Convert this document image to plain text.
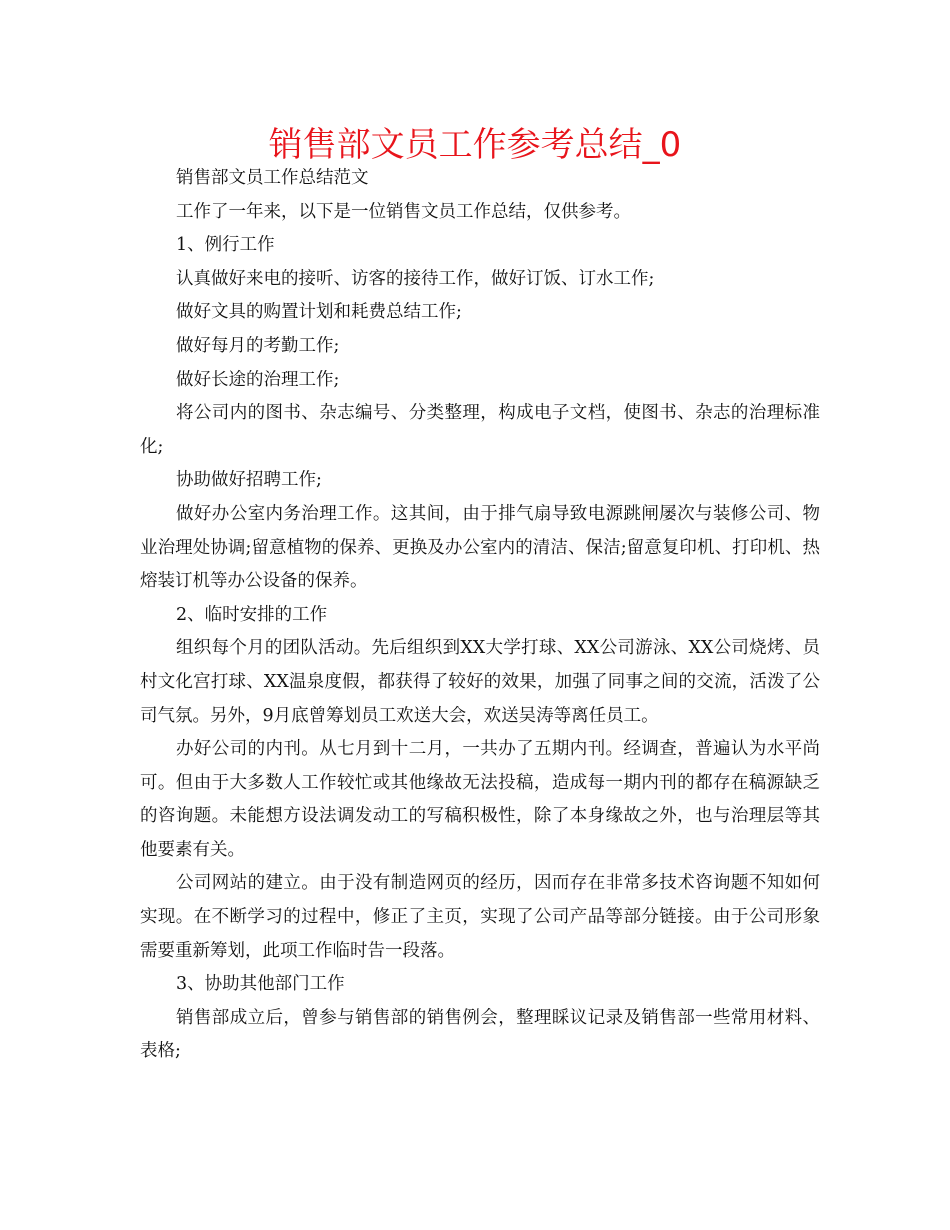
销售部文员工作参考总结_0

销售部文员工作总结范文

工作了一年来，以下是一位销售文员工作总结，仅供参考。

1、例行工作

认真做好来电的接听、访客的接待工作，做好订饭、订水工作;

做好文具的购置计划和耗费总结工作;

做好每月的考勤工作;

做好长途的治理工作;

将公司内的图书、杂志编号、分类整理，构成电子文档，使图书、杂志的治理标准化;

协助做好招聘工作;

做好办公室内务治理工作。这其间，由于排气扇导致电源跳闸屡次与装修公司、物业治理处协调;留意植物的保养、更换及办公室内的清洁、保洁;留意复印机、打印机、热熔装订机等办公设备的保养。

2、临时安排的工作

组织每个月的团队活动。先后组织到XX大学打球、XX公司游泳、XX公司烧烤、员村文化宫打球、XX温泉度假，都获得了较好的效果，加强了同事之间的交流，活泼了公司气氛。另外，9月底曾筹划员工欢送大会，欢送吴涛等离任员工。

办好公司的内刊。从七月到十二月，一共办了五期内刊。经调查，普遍认为水平尚可。但由于大多数人工作较忙或其他缘故无法投稿，造成每一期内刊的都存在稿源缺乏的咨询题。未能想方设法调发动工的写稿积极性，除了本身缘故之外，也与治理层等其他要素有关。

公司网站的建立。由于没有制造网页的经历，因而存在非常多技术咨询题不知如何实现。在不断学习的过程中，修正了主页，实现了公司产品等部分链接。由于公司形象需要重新筹划，此项工作临时告一段落。

3、协助其他部门工作

销售部成立后，曾参与销售部的销售例会，整理睬议记录及销售部一些常用材料、表格;
